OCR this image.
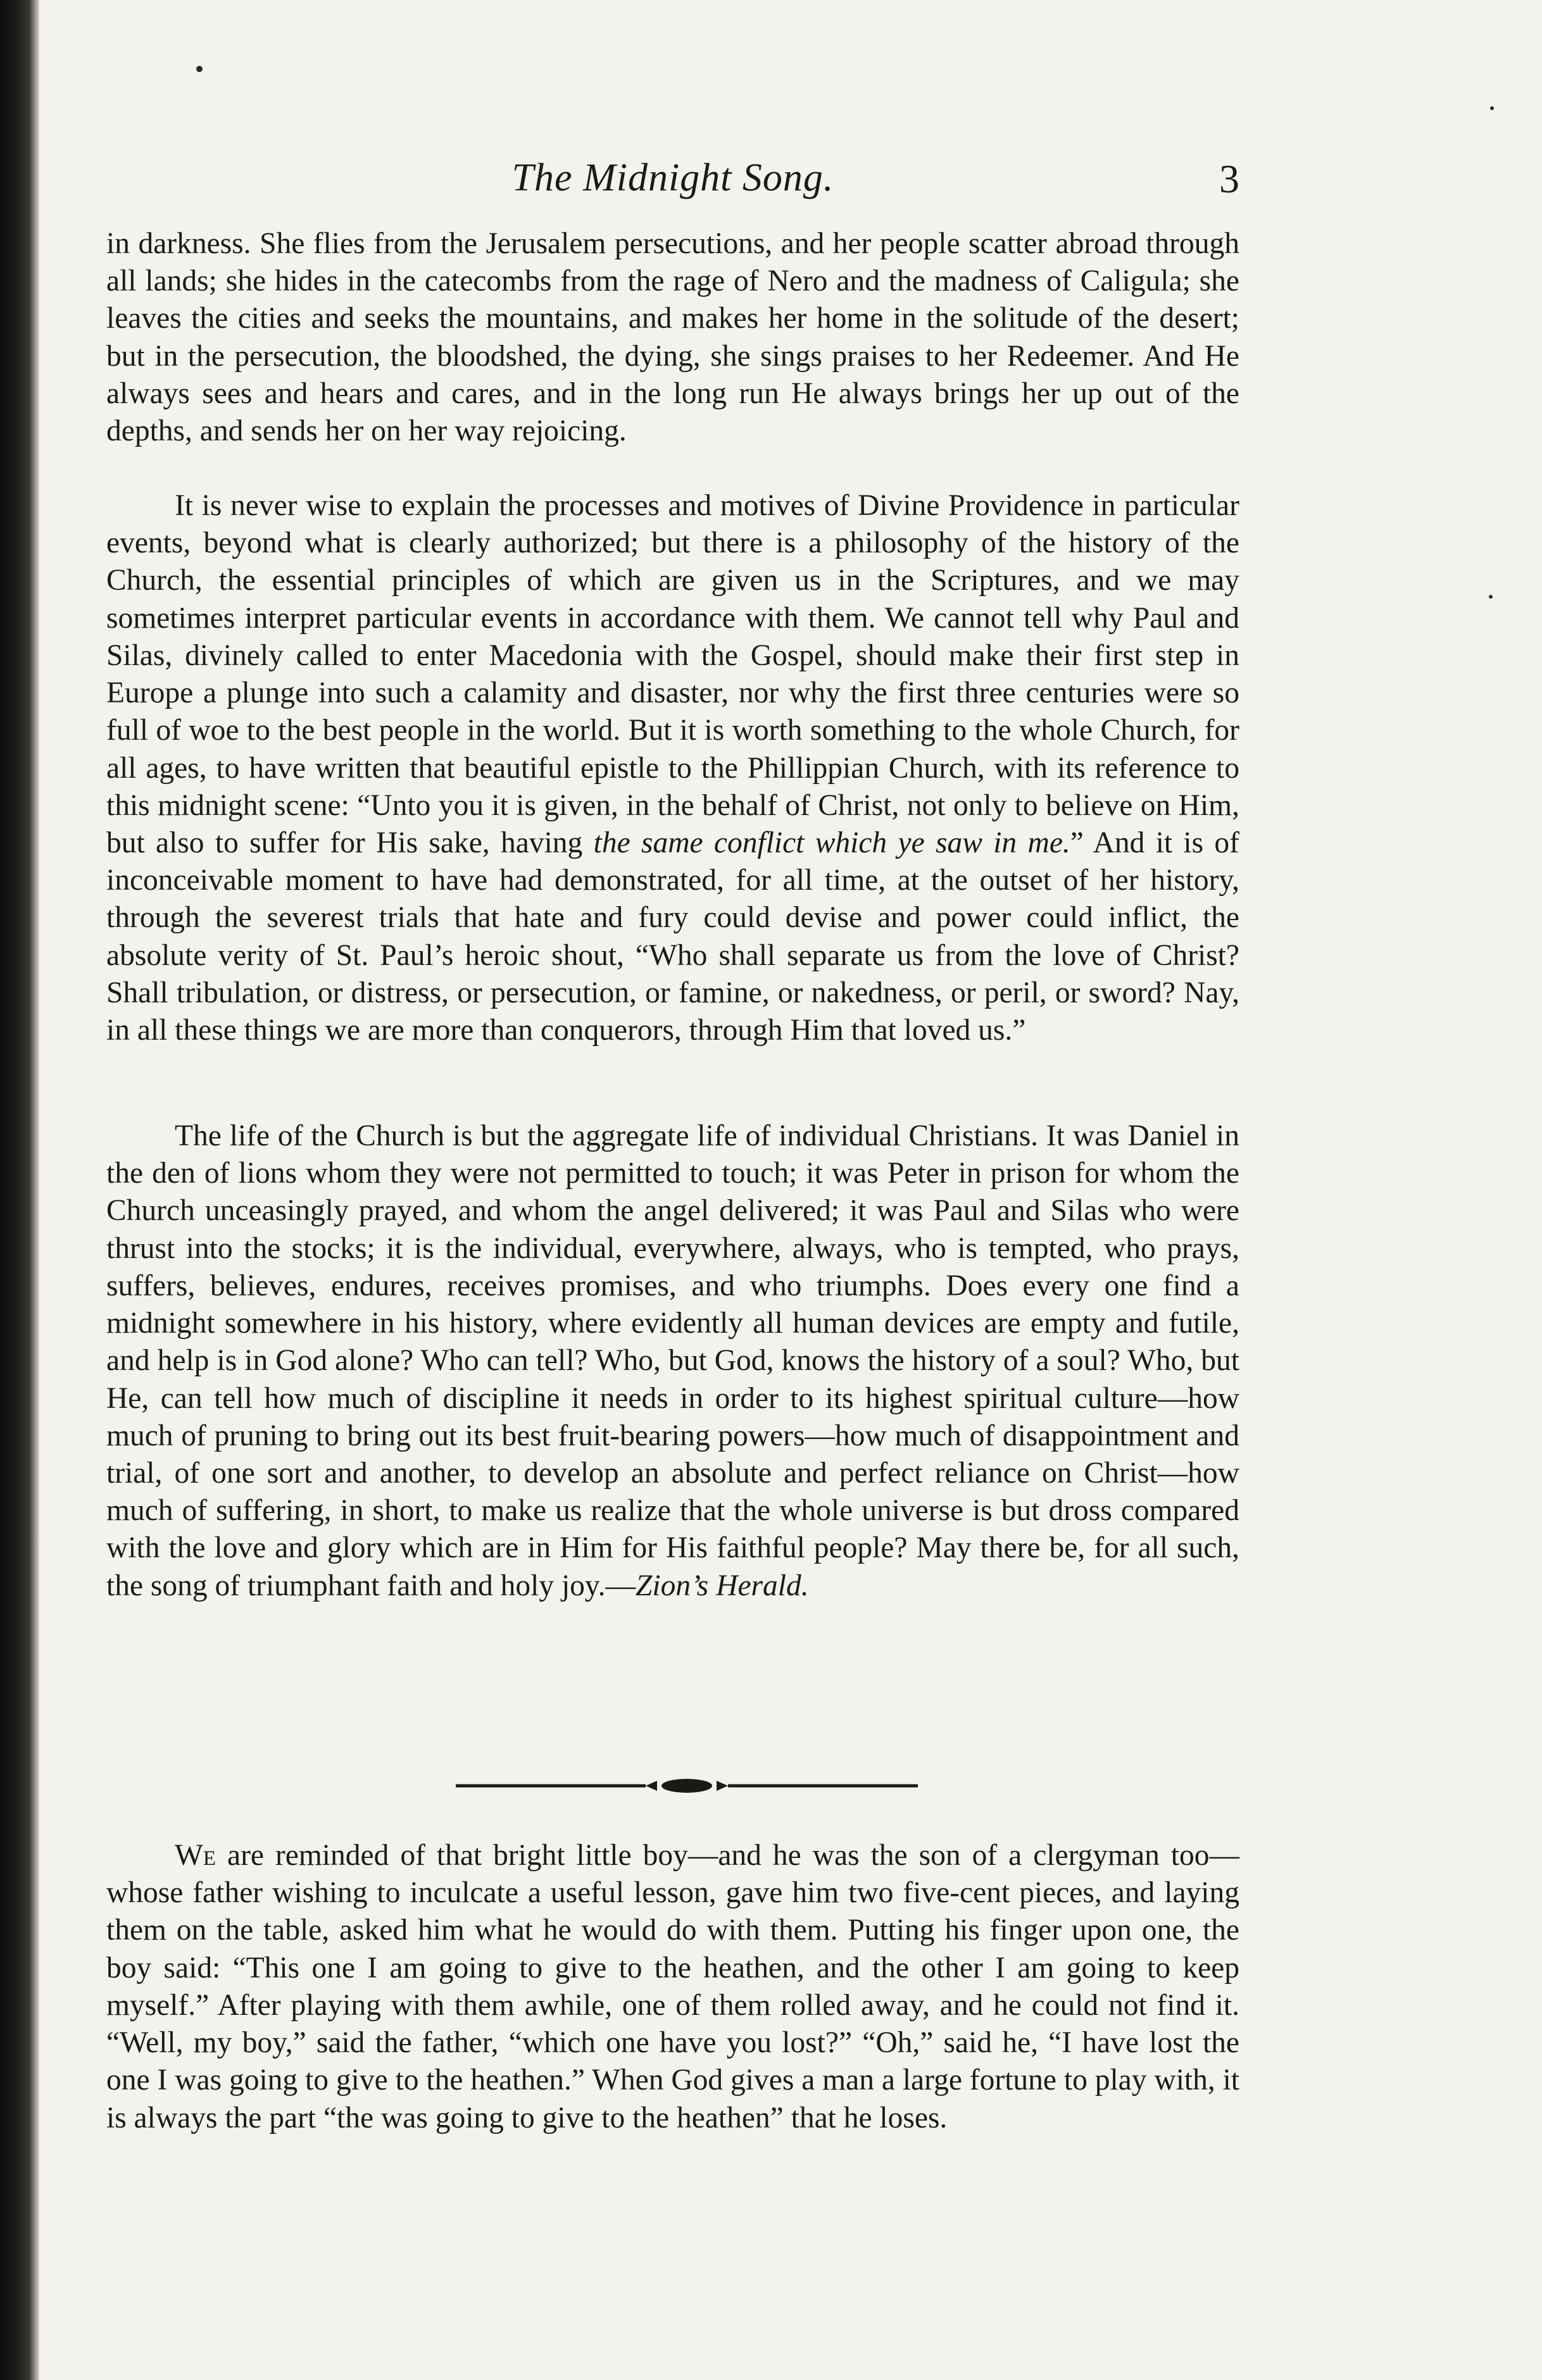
The Midnight Song.	3

in darkness. She flies from the Jerusalem persecutions, and her people scatter abroad through all lands; she hides in the catecombs from the rage of Nero and the madness of Caligula; she leaves the cities and seeks the mountains, and makes her home in the solitude of the desert; but in the persecution, the bloodshed, the dying, she sings praises to her Redeemer. And He always sees and hears and cares, and in the long run He always brings her up out of the depths, and sends her on her way rejoicing.

It is never wise to explain the processes and motives of Divine Providence in particular events, beyond what is clearly authorized; but there is a philosophy of the history of the Church, the essential principles of which are given us in the Scriptures, and we may sometimes interpret particular events in accordance with them. We cannot tell why Paul and Silas, divinely called to enter Macedonia with the Gospel, should make their first step in Europe a plunge into such a calamity and disaster, nor why the first three centuries were so full of woe to the best people in the world. But it is worth something to the whole Church, for all ages, to have written that beautiful epistle to the Phillippian Church, with its reference to this midnight scene: “Unto you it is given, in the behalf of Christ, not only to believe on Him, but also to suffer for His sake, having the same conflict which ye saw in me.” And it is of inconceivable moment to have had demonstrated, for all time, at the outset of her history, through the severest trials that hate and fury could devise and power could inflict, the absolute verity of St. Paul’s heroic shout, “Who shall separate us from the love of Christ? Shall tribulation, or distress, or persecution, or famine, or nakedness, or peril, or sword? Nay, in all these things we are more than conquerors, through Him that loved us.”

The life of the Church is but the aggregate life of individual Christians. It was Daniel in the den of lions whom they were not permitted to touch; it was Peter in prison for whom the Church unceasingly prayed, and whom the angel delivered; it was Paul and Silas who were thrust into the stocks; it is the individual, everywhere, always, who is tempted, who prays, suffers, believes, endures, receives promises, and who triumphs. Does every one find a midnight somewhere in his history, where evidently all human devices are empty and futile, and help is in God alone? Who can tell? Who, but God, knows the history of a soul? Who, but He, can tell how much of discipline it needs in order to its highest spiritual culture—how much of pruning to bring out its best fruit-bearing powers—how much of disappointment and trial, of one sort and another, to develop an absolute and perfect reliance on Christ—how much of suffering, in short, to make us realize that the whole universe is but dross compared with the love and glory which are in Him for His faithful people? May there be, for all such, the song of triumphant faith and holy joy.—Zion’s Herald.

We are reminded of that bright little boy—and he was the son of a clergyman too—whose father wishing to inculcate a useful lesson, gave him two five-cent pieces, and laying them on the table, asked him what he would do with them. Putting his finger upon one, the boy said: “This one I am going to give to the heathen, and the other I am going to keep myself.” After playing with them awhile, one of them rolled away, and he could not find it. “Well, my boy,” said the father, “which one have you lost?” “Oh,” said he, “I have lost the one I was going to give to the heathen.” When God gives a man a large fortune to play with, it is always the part “the was going to give to the heathen” that he loses.
